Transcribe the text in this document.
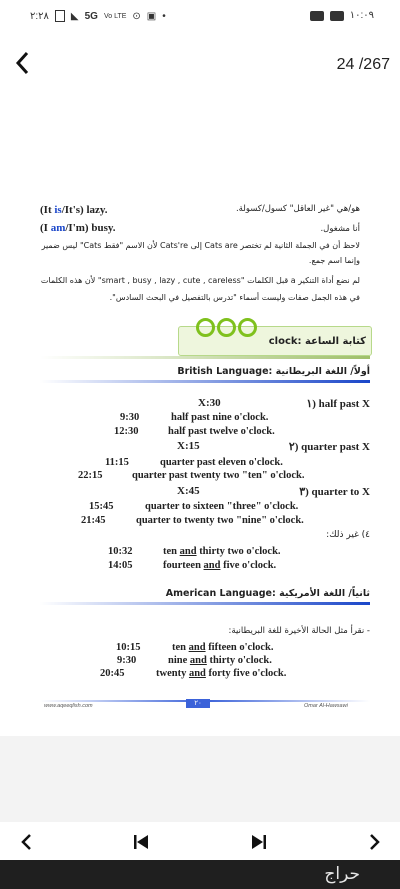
٢:٢٨ ◣ 5G Vo LTE ⊙ ▣ •	١٠:٠٩
24 /267
(It is/It's) lazy.	هو/هي "غير العاقل" كسول/كسولة.
(I am/I'm) busy.	أنا مشغول.
لاحظ أن في الجملة الثانية لم تختصر Cats are إلى Cats're لأن الاسم "فقط Cats" ليس ضمير وإنما اسم جمع.
لم نضع أداة التنكير a قبل الكلمات "smart , busy , lazy , cute , careless" لأن هذه الكلمات في هذه الجمل صفات وليست أسماء "تدرس بالتفصيل في البحث السادس".
كتابة الساعة :clock
أولاً/ اللغة البريطانية :British Language
X:30	١) half past X
9:30	half past nine o'clock.
12:30	half past twelve o'clock.
X:15	٢) quarter past X
11:15	quarter past eleven o'clock.
22:15	quarter past twenty two "ten" o'clock.
X:45	٣) quarter to X
15:45	quarter to sixteen "three" o'clock.
21:45	quarter to twenty two "nine" o'clock.
٤) غير ذلك:
10:32	ten and thirty two o'clock.
14:05	fourteen and five o'clock.
ثانياً/ اللغة الأمريكية :American Language
- نقرأ مثل الحالة الأخيرة للغة البريطانية:
10:15	ten and fifteen o'clock.
9:30	nine and thirty o'clock.
20:45	twenty and forty five o'clock.
www.aqeeqlish.com	٢٠	Omar Al-Hawsawi
حراج
